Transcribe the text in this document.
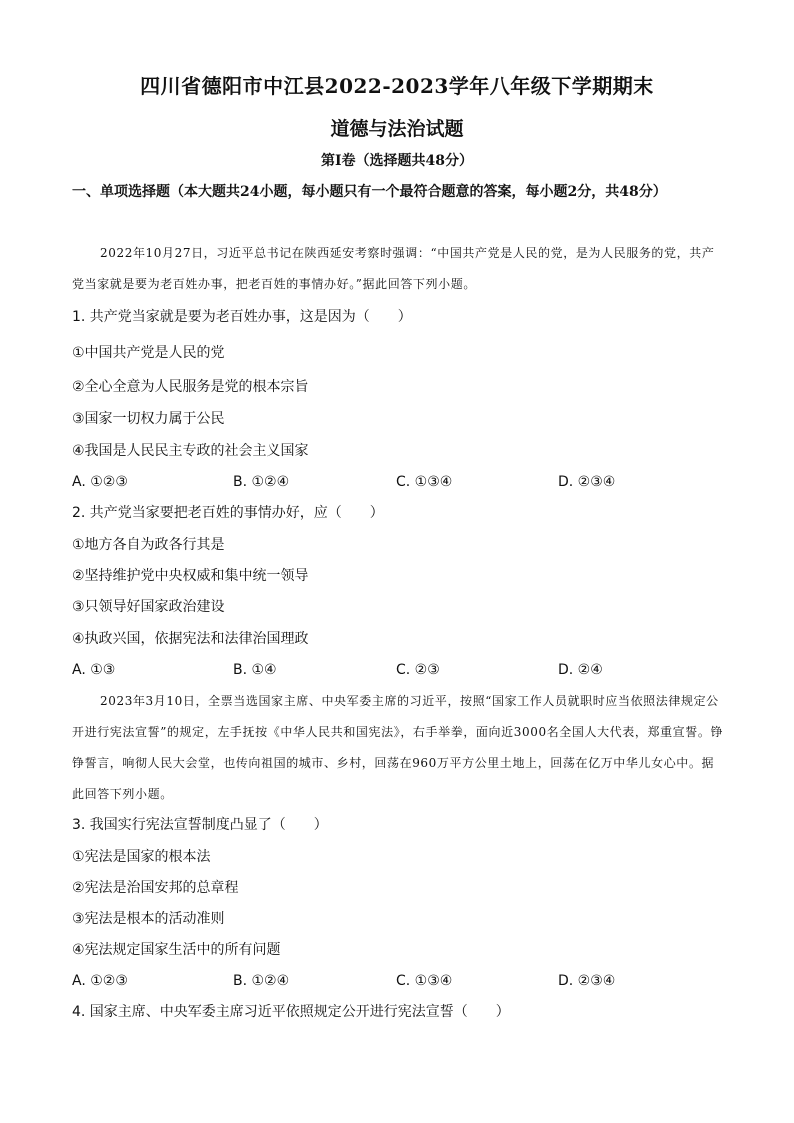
四川省德阳市中江县2022-2023学年八年级下学期期末
道德与法治试题
第Ⅰ卷（选择题共48分）
一、单项选择题（本大题共24小题，每小题只有一个最符合题意的答案，每小题2分，共48分）
2022年10月27日，习近平总书记在陕西延安考察时强调：“中国共产党是人民的党，是为人民服务的党，共产党当家就是要为老百姓办事，把老百姓的事情办好。”据此回答下列小题。
1. 共产党当家就是要为老百姓办事，这是因为（　　）
①中国共产党是人民的党
②全心全意为人民服务是党的根本宗旨
③国家一切权力属于公民
④我国是人民民主专政的社会主义国家
A. ①②③	B. ①②④	C. ①③④	D. ②③④
2. 共产党当家要把老百姓的事情办好，应（　　）
①地方各自为政各行其是
②坚持维护党中央权威和集中统一领导
③只领导好国家政治建设
④执政兴国，依据宪法和法律治国理政
A. ①③	B. ①④	C. ②③	D. ②④
2023年3月10日，全票当选国家主席、中央军委主席的习近平，按照“国家工作人员就职时应当依照法律规定公开进行宪法宣誓”的规定，左手抚按《中华人民共和国宪法》，右手举拳，面向近3000名全国人大代表，郑重宣誓。铮铮誓言，响彻人民大会堂，也传向祖国的城市、乡村，回荡在960万平方公里土地上，回荡在亿万中华儿女心中。据此回答下列小题。
3. 我国实行宪法宣誓制度凸显了（　　）
①宪法是国家的根本法
②宪法是治国安邦的总章程
③宪法是根本的活动准则
④宪法规定国家生活中的所有问题
A. ①②③	B. ①②④	C. ①③④	D. ②③④
4. 国家主席、中央军委主席习近平依照规定公开进行宪法宣誓（　　）
